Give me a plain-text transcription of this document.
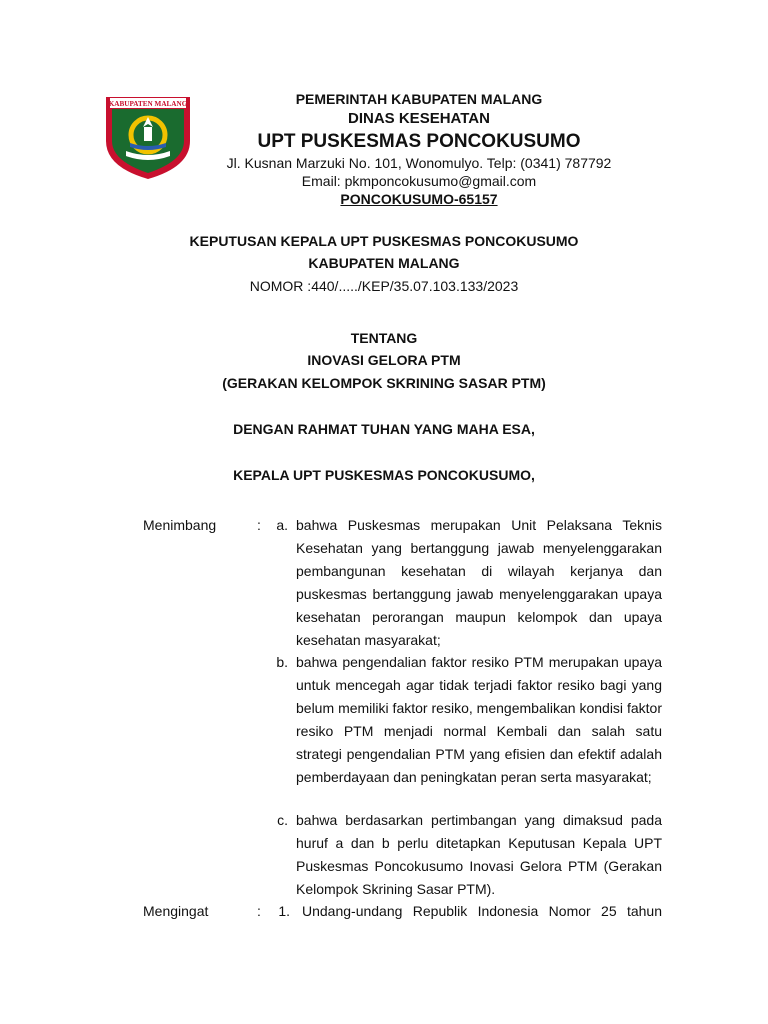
KABUPATEN MALANG	PEMERINTAH KABUPATEN MALANG
DINAS KESEHATAN
UPT PUSKESMAS PONCOKUSUMO
Jl. Kusnan Marzuki No. 101, Wonomulyo. Telp: (0341) 787792
Email: pkmponcokusumo@gmail.com
PONCOKUSUMO-65157
KEPUTUSAN KEPALA UPT PUSKESMAS PONCOKUSUMO
KABUPATEN MALANG
NOMOR :440/...../KEP/35.07.103.133/2023
TENTANG
INOVASI GELORA PTM
(GERAKAN KELOMPOK SKRINING SASAR PTM)
DENGAN RAHMAT TUHAN YANG MAHA ESA,
KEPALA UPT PUSKESMAS PONCOKUSUMO,
Menimbang	:	a. bahwa Puskesmas merupakan Unit Pelaksana Teknis Kesehatan yang bertanggung jawab menyelenggarakan pembangunan kesehatan di wilayah kerjanya dan puskesmas bertanggung jawab menyelenggarakan upaya kesehatan perorangan maupun kelompok dan upaya kesehatan masyarakat;

b. bahwa pengendalian faktor resiko PTM merupakan upaya untuk mencegah agar tidak terjadi faktor resiko bagi yang belum memiliki faktor resiko, mengembalikan kondisi faktor resiko PTM menjadi normal Kembali dan salah satu strategi pengendalian PTM yang efisien dan efektif adalah pemberdayaan dan peningkatan peran serta masyarakat;

c. bahwa berdasarkan pertimbangan yang dimaksud pada huruf a dan b perlu ditetapkan Keputusan Kepala UPT Puskesmas Poncokusumo Inovasi Gelora PTM (Gerakan Kelompok Skrining Sasar PTM).

Mengingat	:	1. Undang-undang Republik Indonesia Nomor 25 tahun
